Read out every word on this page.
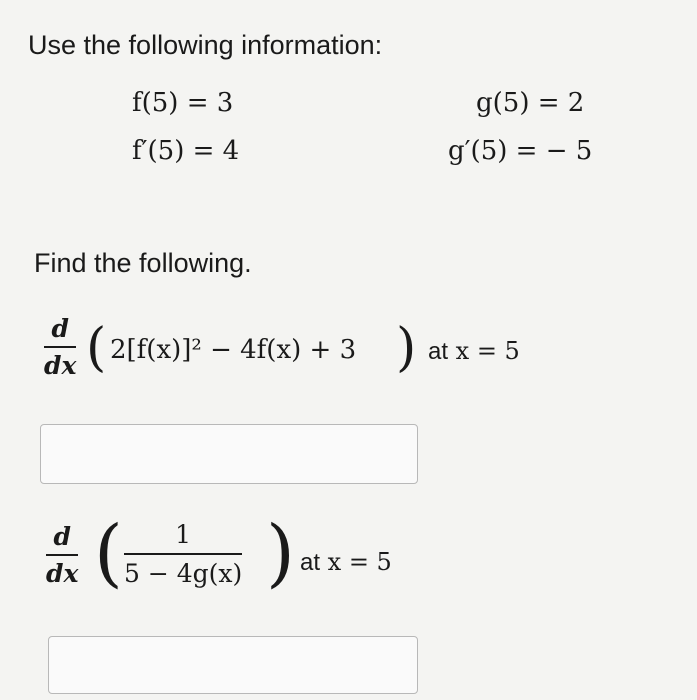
Use the following information:
f(5) = 3
f′(5) = 4
g(5) = 2
g′(5) = − 5
Find the following.
d
dx ( 2[f(x)]² − 4f(x) + 3 ) at x = 5
d
dx ( 1
5 − 4g(x) ) at x = 5
